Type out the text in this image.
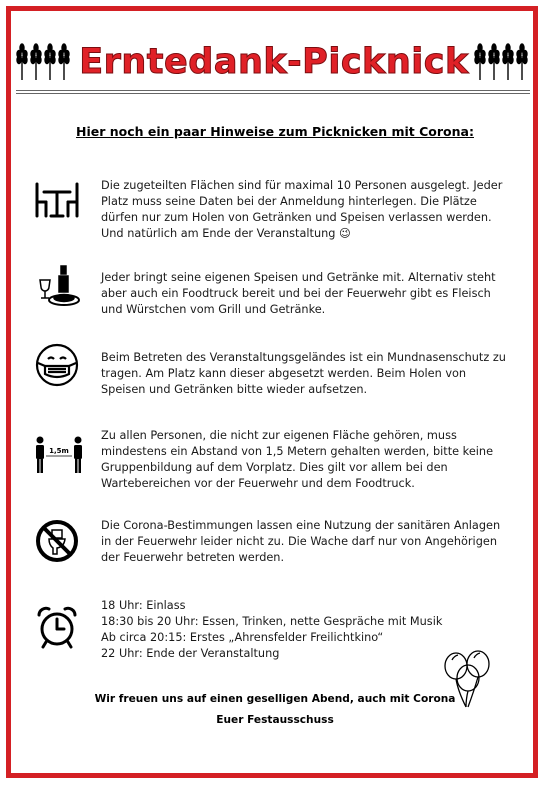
Erntedank-Picknick
Hier noch ein paar Hinweise zum Picknicken mit Corona:
Die zugeteilten Flächen sind für maximal 10 Personen ausgelegt. Jeder
Platz muss seine Daten bei der Anmeldung hinterlegen. Die Plätze
dürfen nur zum Holen von Getränken und Speisen verlassen werden.
Und natürlich am Ende der Veranstaltung 😉
Jeder bringt seine eigenen Speisen und Getränke mit. Alternativ steht
aber auch ein Foodtruck bereit und bei der Feuerwehr gibt es Fleisch
und Würstchen vom Grill und Getränke.
Beim Betreten des Veranstaltungsgeländes ist ein Mundnasenschutz zu
tragen. Am Platz kann dieser abgesetzt werden. Beim Holen von
Speisen und Getränken bitte wieder aufsetzen.
1,5m
Zu allen Personen, die nicht zur eigenen Fläche gehören, muss
mindestens ein Abstand von 1,5 Metern gehalten werden, bitte keine
Gruppenbildung auf dem Vorplatz. Dies gilt vor allem bei den
Wartebereichen vor der Feuerwehr und dem Foodtruck.
Die Corona-Bestimmungen lassen eine Nutzung der sanitären Anlagen
in der Feuerwehr leider nicht zu. Die Wache darf nur von Angehörigen
der Feuerwehr betreten werden.
18 Uhr: Einlass
18:30 bis 20 Uhr: Essen, Trinken, nette Gespräche mit Musik
Ab circa 20:15: Erstes „Ahrensfelder Freilichtkino“
22 Uhr: Ende der Veranstaltung
Wir freuen uns auf einen geselligen Abend, auch mit Corona
Euer Festausschuss
